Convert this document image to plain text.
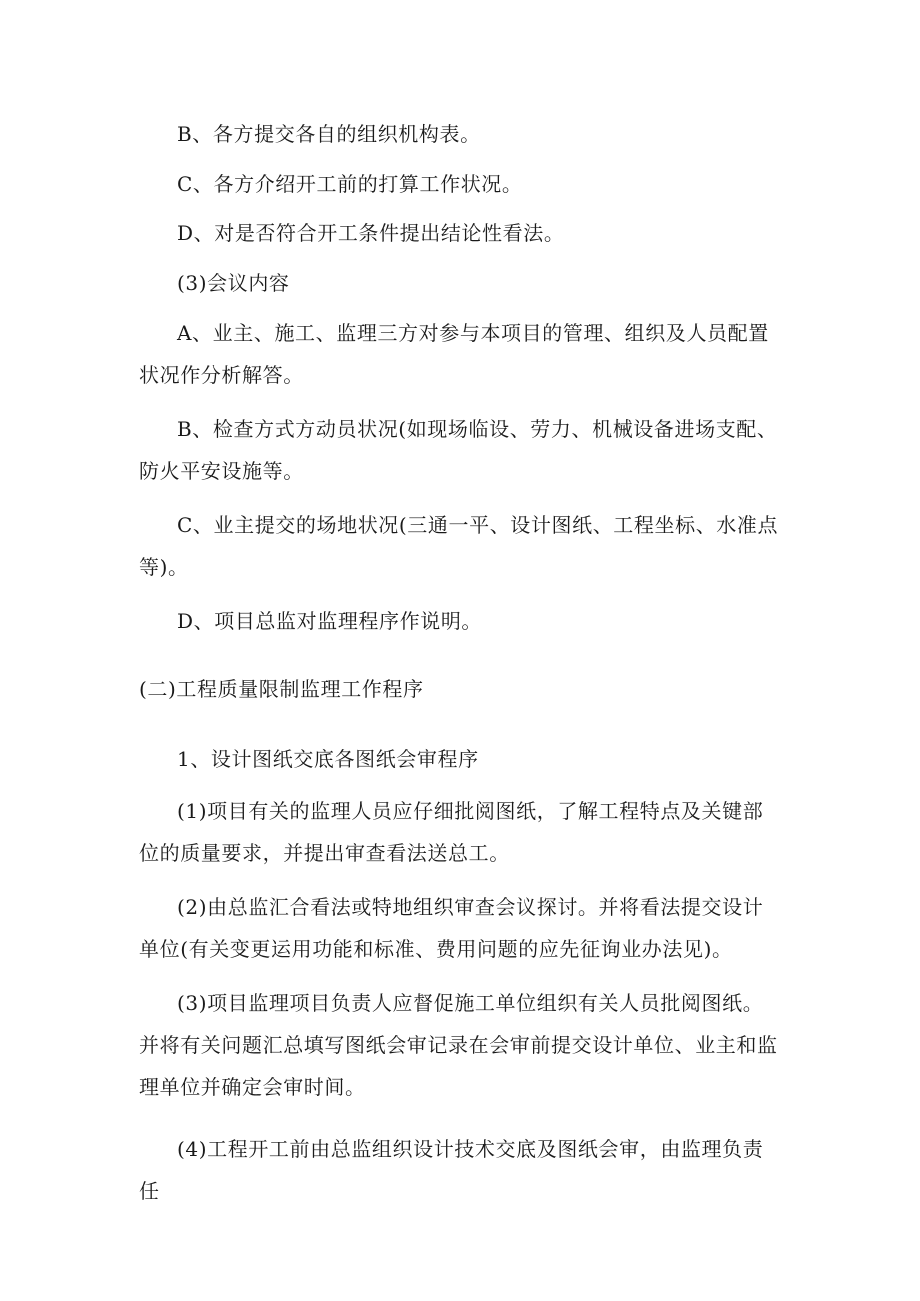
B、各方提交各自的组织机构表。
C、各方介绍开工前的打算工作状况。
D、对是否符合开工条件提出结论性看法。
(3)会议内容
A、业主、施工、监理三方对参与本项目的管理、组织及人员配置状况作分析解答。
B、检查方式方动员状况(如现场临设、劳力、机械设备进场支配、防火平安设施等。
C、业主提交的场地状况(三通一平、设计图纸、工程坐标、水准点等)。
D、项目总监对监理程序作说明。
(二)工程质量限制监理工作程序
1、设计图纸交底各图纸会审程序
(1)项目有关的监理人员应仔细批阅图纸，了解工程特点及关键部位的质量要求，并提出审查看法送总工。
(2)由总监汇合看法或特地组织审查会议探讨。并将看法提交设计单位(有关变更运用功能和标准、费用问题的应先征询业办法见)。
(3)项目监理项目负责人应督促施工单位组织有关人员批阅图纸。并将有关问题汇总填写图纸会审记录在会审前提交设计单位、业主和监理单位并确定会审时间。
(4)工程开工前由总监组织设计技术交底及图纸会审，由监理负责任
